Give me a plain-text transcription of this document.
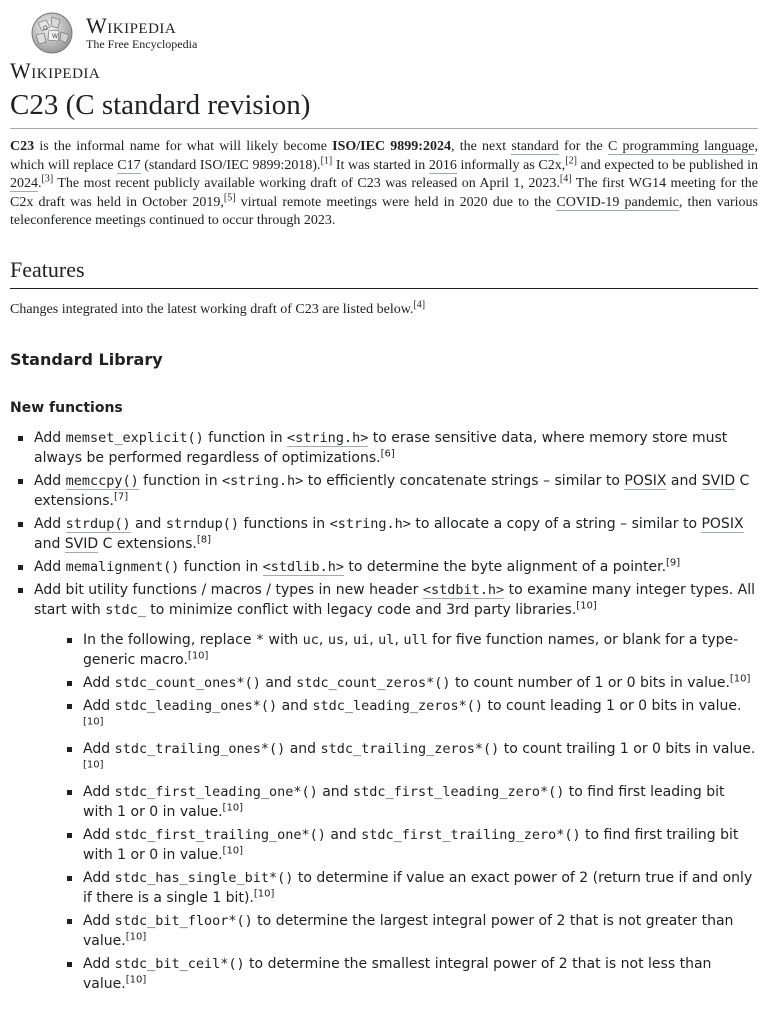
Ω
W Wikipedia
The Free Encyclopedia
Wikipedia
C23 (C standard revision)

C23 is the informal name for what will likely become ISO/IEC 9899:2024, the next standard for the C programming language, which will replace C17 (standard ISO/IEC 9899:2018).[1] It was started in 2016 informally as C2x,[2] and expected to be published in 2024.[3] The most recent publicly available working draft of C23 was released on April 1, 2023.[4] The first WG14 meeting for the C2x draft was held in October 2019,[5] virtual remote meetings were held in 2020 due to the COVID-19 pandemic, then various teleconference meetings continued to occur through 2023.

Features

Changes integrated into the latest working draft of C23 are listed below.[4]

Standard Library
New functions
Add memset_explicit() function in <string.h> to erase sensitive data, where memory store must always be performed regardless of optimizations.[6]
Add memccpy() function in <string.h> to efficiently concatenate strings – similar to POSIX and SVID C extensions.[7]
Add strdup() and strndup() functions in <string.h> to allocate a copy of a string – similar to POSIX and SVID C extensions.[8]
Add memalignment() function in <stdlib.h> to determine the byte alignment of a pointer.[9]
Add bit utility functions / macros / types in new header <stdbit.h> to examine many integer types. All start with stdc_ to minimize conflict with legacy code and 3rd party libraries.[10]
In the following, replace * with uc, us, ui, ul, ull for five function names, or blank for a type-generic macro.[10]
Add stdc_count_ones*() and stdc_count_zeros*() to count number of 1 or 0 bits in value.[10]
Add stdc_leading_ones*() and stdc_leading_zeros*() to count leading 1 or 0 bits in value.[10]
Add stdc_trailing_ones*() and stdc_trailing_zeros*() to count trailing 1 or 0 bits in value.[10]
Add stdc_first_leading_one*() and stdc_first_leading_zero*() to find first leading bit with 1 or 0 in value.[10]
Add stdc_first_trailing_one*() and stdc_first_trailing_zero*() to find first trailing bit with 1 or 0 in value.[10]
Add stdc_has_single_bit*() to determine if value an exact power of 2 (return true if and only if there is a single 1 bit).[10]
Add stdc_bit_floor*() to determine the largest integral power of 2 that is not greater than value.[10]
Add stdc_bit_ceil*() to determine the smallest integral power of 2 that is not less than value.[10]
